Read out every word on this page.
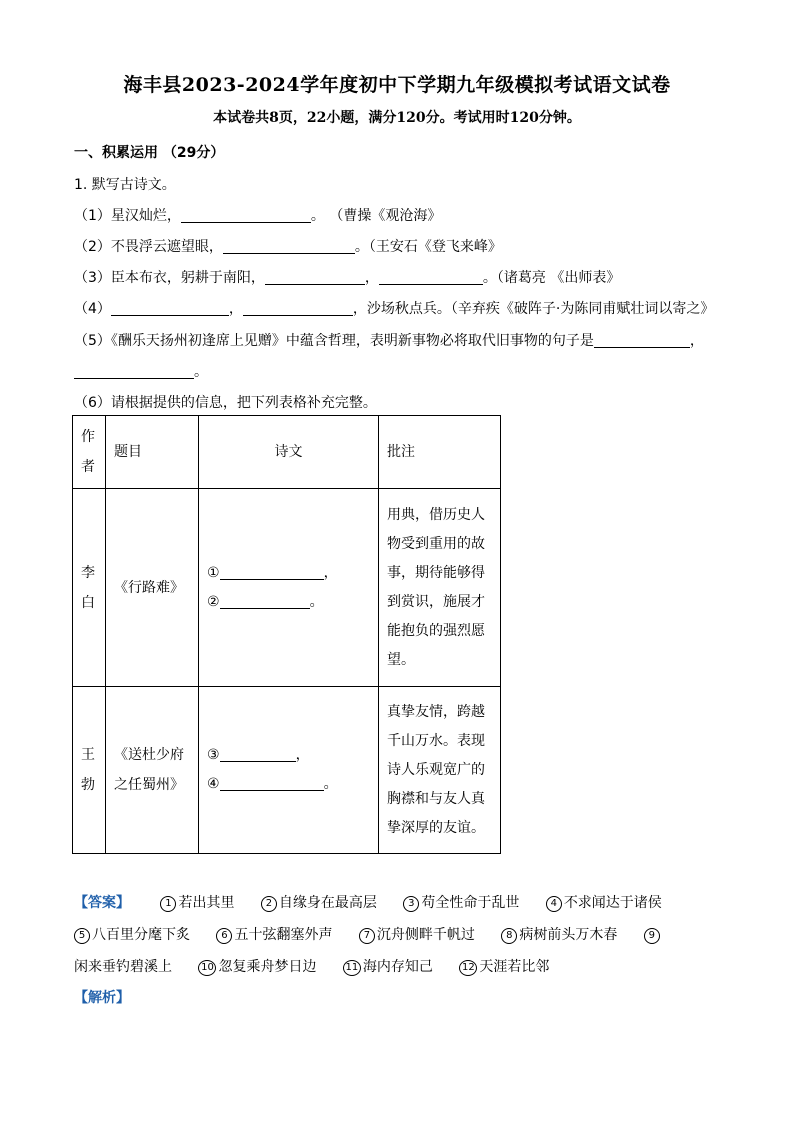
海丰县2023-2024学年度初中下学期九年级模拟考试语文试卷
本试卷共8页，22小题，满分120分。考试用时120分钟。
一、积累运用 （29分）
1. 默写古诗文。
（1）星汉灿烂，	。 （曹操《观沧海》
（2）不畏浮云遮望眼，	。（王安石《登飞来峰》
（3）臣本布衣，躬耕于南阳，	，	。（诸葛亮 《出师表》
（4）	，	，沙场秋点兵。（辛弃疾《破阵子·为陈同甫赋壮词以寄之》
（5）《酬乐天扬州初逢席上见赠》中蕴含哲理，表明新事物必将取代旧事物的句子是	，
。
（6）请根据提供的信息，把下列表格补充完整。
作者	题目	诗文	批注
李白	《行路难》	① ，
② 。	用典，借历史人物受到重用的故事，期待能够得到赏识，施展才能抱负的强烈愿望。
王勃	《送杜少府之任蜀州》	③ ，
④ 。	真挚友情，跨越千山万水。表现诗人乐观宽广的胸襟和与友人真挚深厚的友谊。
【答案】	1 若出其里	2 自缘身在最高层	3 苟全性命于乱世	4 不求闻达于诸侯
5 八百里分麾下炙	6 五十弦翻塞外声	7 沉舟侧畔千帆过	8 病树前头万木春	9
闲来垂钓碧溪上	10 忽复乘舟梦日边	11 海内存知己	12 天涯若比邻
【解析】
